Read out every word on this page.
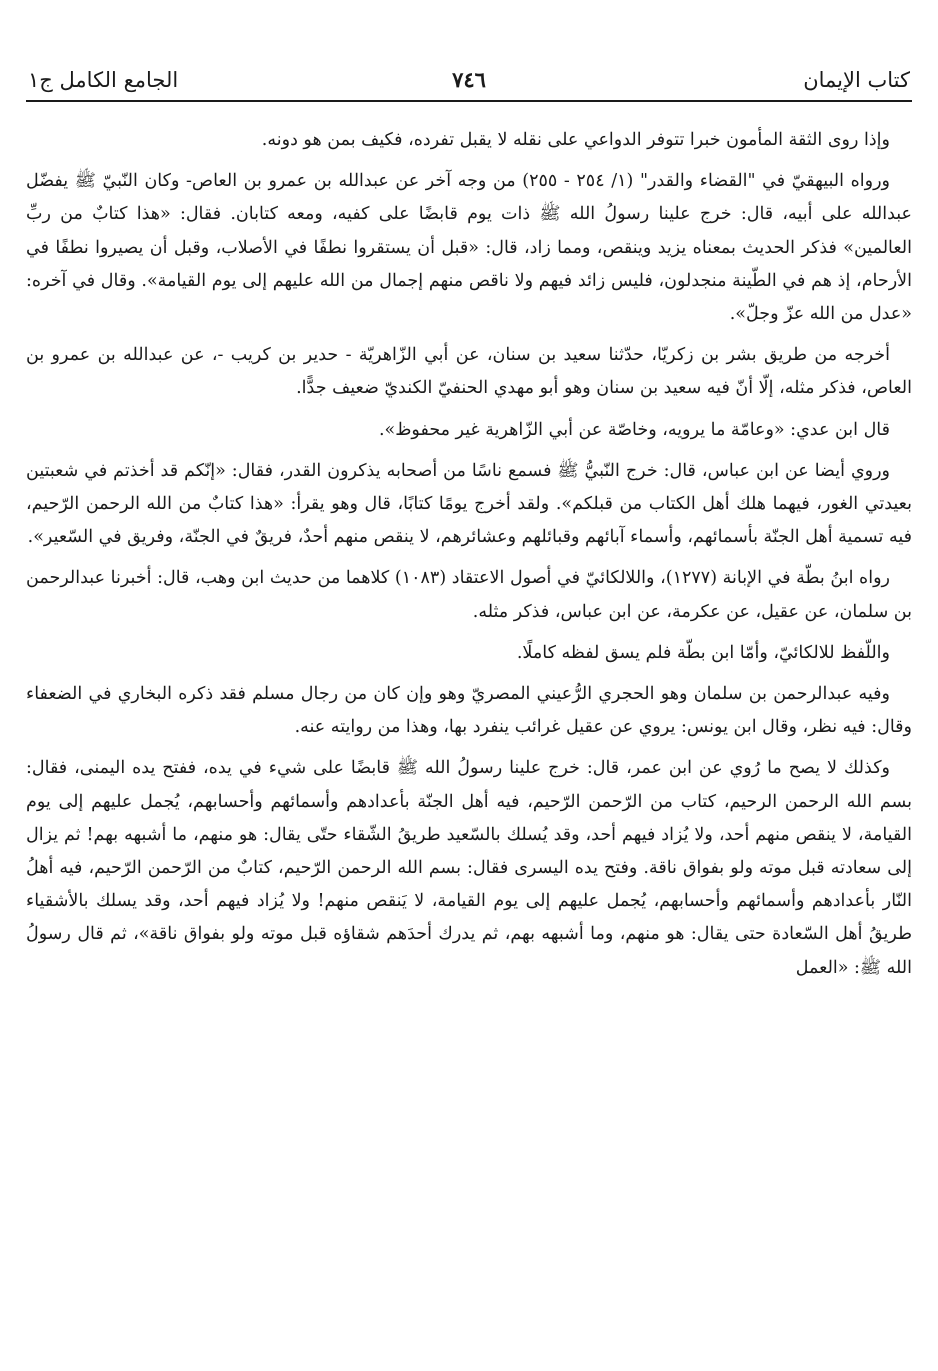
كتاب الإيمان
٧٤٦
الجامع الكامل ج١

وإذا روى الثقة المأمون خبرا تتوفر الدواعي على نقله لا يقبل تفرده، فكيف بمن هو دونه.

ورواه البيهقيّ في "القضاء والقدر" (١/ ٢٥٤ - ٢٥٥) من وجه آخر عن عبدالله بن عمرو بن العاص- وكان النّبيّ ﷺ يفضّل عبدالله على أبيه، قال: خرج علينا رسولُ الله ﷺ ذات يوم قابضًا على كفيه، ومعه كتابان. فقال: «هذا كتابٌ من ربِّ العالمين» فذكر الحديث بمعناه يزيد وينقص، ومما زاد، قال: «قبل أن يستقروا نطفًا في الأصلاب، وقبل أن يصيروا نطفًا في الأرحام، إذ هم في الطّينة منجدلون، فليس زائد فيهم ولا ناقص منهم إجمال من الله عليهم إلى يوم القيامة». وقال في آخره: «عدل من الله عزّ وجلّ».

أخرجه من طريق بشر بن زكريّا، حدّثنا سعيد بن سنان، عن أبي الزّاهريّة - حدير بن كريب -، عن عبدالله بن عمرو بن العاص، فذكر مثله، إلّا أنّ فيه سعيد بن سنان وهو أبو مهدي الحنفيّ الكنديّ ضعيف جدًّا.

قال ابن عدي: «وعامّة ما يرويه، وخاصّة عن أبي الزّاهرية غير محفوظ».

وروي أيضا عن ابن عباس، قال: خرج النّبيُّ ﷺ فسمع ناسًا من أصحابه يذكرون القدر، فقال: «إنّكم قد أخذتم في شعبتين بعيدتي الغور، فيهما هلك أهل الكتاب من قبلكم». ولقد أخرج يومًا كتابًا، قال وهو يقرأ: «هذا كتابٌ من الله الرحمن الرّحيم، فيه تسمية أهل الجنّة بأسمائهم، وأسماء آبائهم وقبائلهم وعشائرهم، لا ينقص منهم أحدٌ، فريقٌ في الجنّة، وفريق في السّعير».

رواه ابنُ بطّة في الإبانة (١٢٧٧)، واللالكائيّ في أصول الاعتقاد (١٠٨٣) كلاهما من حديث ابن وهب، قال: أخبرنا عبدالرحمن بن سلمان، عن عقيل، عن عكرمة، عن ابن عباس، فذكر مثله.

واللّفظ للالكائيّ، وأمّا ابن بطّة فلم يسق لفظه كاملًا.

وفيه عبدالرحمن بن سلمان وهو الحجري الرُّعيني المصريّ وهو وإن كان من رجال مسلم فقد ذكره البخاري في الضعفاء وقال: فيه نظر، وقال ابن يونس: يروي عن عقيل غرائب ينفرد بها، وهذا من روايته عنه.

وكذلك لا يصح ما رُوي عن ابن عمر، قال: خرج علينا رسولُ الله ﷺ قابضًا على شيء في يده، ففتح يده اليمنى، فقال: بسم الله الرحمن الرحيم، كتاب من الرّحمن الرّحيم، فيه أهل الجنّة بأعدادهم وأسمائهم وأحسابهم، يُجمل عليهم إلى يوم القيامة، لا ينقص منهم أحد، ولا يُزاد فيهم أحد، وقد يُسلك بالسّعيد طريقُ الشّقاء حتّى يقال: هو منهم، ما أشبهه بهم! ثم يزال إلى سعادته قبل موته ولو بفواق ناقة. وفتح يده اليسرى فقال: بسم الله الرحمن الرّحيم، كتابٌ من الرّحمن الرّحيم، فيه أهلُ النّار بأعدادهم وأسمائهم وأحسابهم، يُجمل عليهم إلى يوم القيامة، لا يَنقص منهم! ولا يُزاد فيهم أحد، وقد يسلك بالأشقياء طريقُ أهل السّعادة حتى يقال: هو منهم، وما أشبهه بهم، ثم يدرك أحدَهم شقاؤه قبل موته ولو بفواق ناقة»، ثم قال رسولُ الله ﷺ: «العمل
